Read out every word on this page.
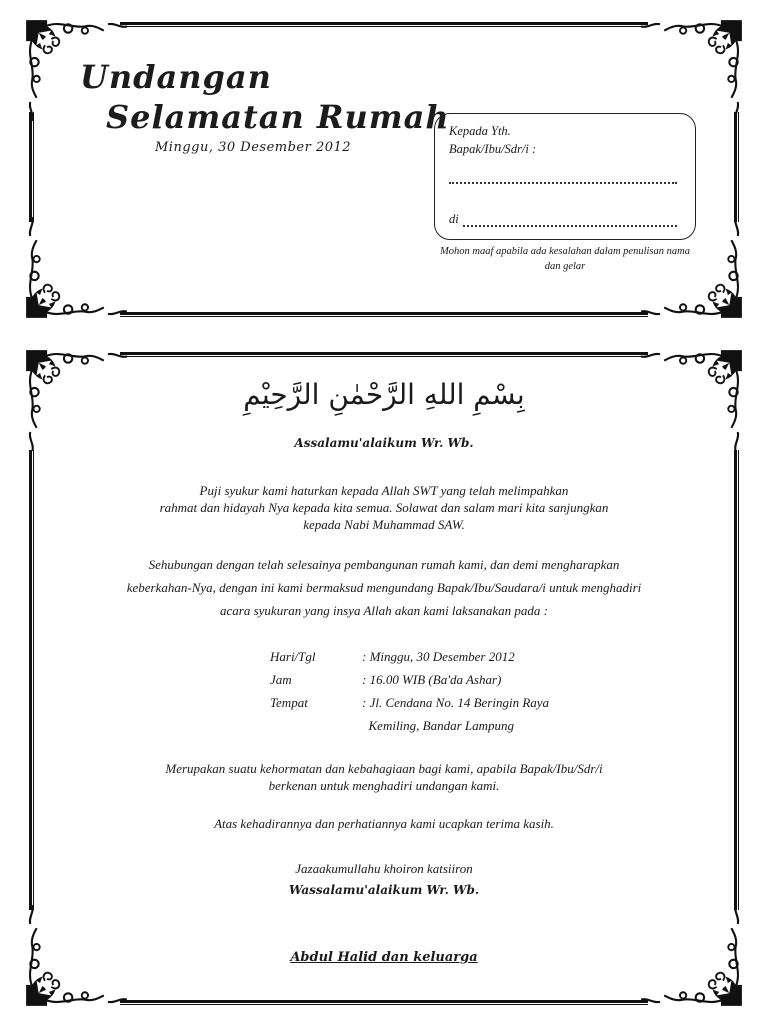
Undangan
Selamatan Rumah
Minggu, 30 Desember 2012
Kepada Yth.
Bapak/Ibu/Sdr/i :
di
Mohon maaf apabila ada kesalahan dalam penulisan nama dan gelar
بِسْمِ اللهِ الرَّحْمٰنِ الرَّحِيْمِ
Assalamu'alaikum Wr. Wb.
Puji syukur kami haturkan kepada Allah SWT yang telah melimpahkan
rahmat dan hidayah Nya kepada kita semua. Solawat dan salam mari kita sanjungkan
kepada Nabi Muhammad SAW.
Sehubungan dengan telah selesainya pembangunan rumah kami, dan demi mengharapkan
keberkahan-Nya, dengan ini kami bermaksud mengundang Bapak/Ibu/Saudara/i untuk menghadiri
acara syukuran yang insya Allah akan kami laksanakan pada :
Hari/Tgl	: Minggu, 30 Desember 2012
Jam	: 16.00 WIB (Ba'da Ashar)
Tempat	: Jl. Cendana No. 14 Beringin Raya
Kemiling, Bandar Lampung
Merupakan suatu kehormatan dan kebahagiaan bagi kami, apabila Bapak/Ibu/Sdr/i
berkenan untuk menghadiri undangan kami.
Atas kehadirannya dan perhatiannya kami ucapkan terima kasih.
Jazaakumullahu khoiron katsiiron
Wassalamu'alaikum Wr. Wb.
Abdul Halid dan keluarga
